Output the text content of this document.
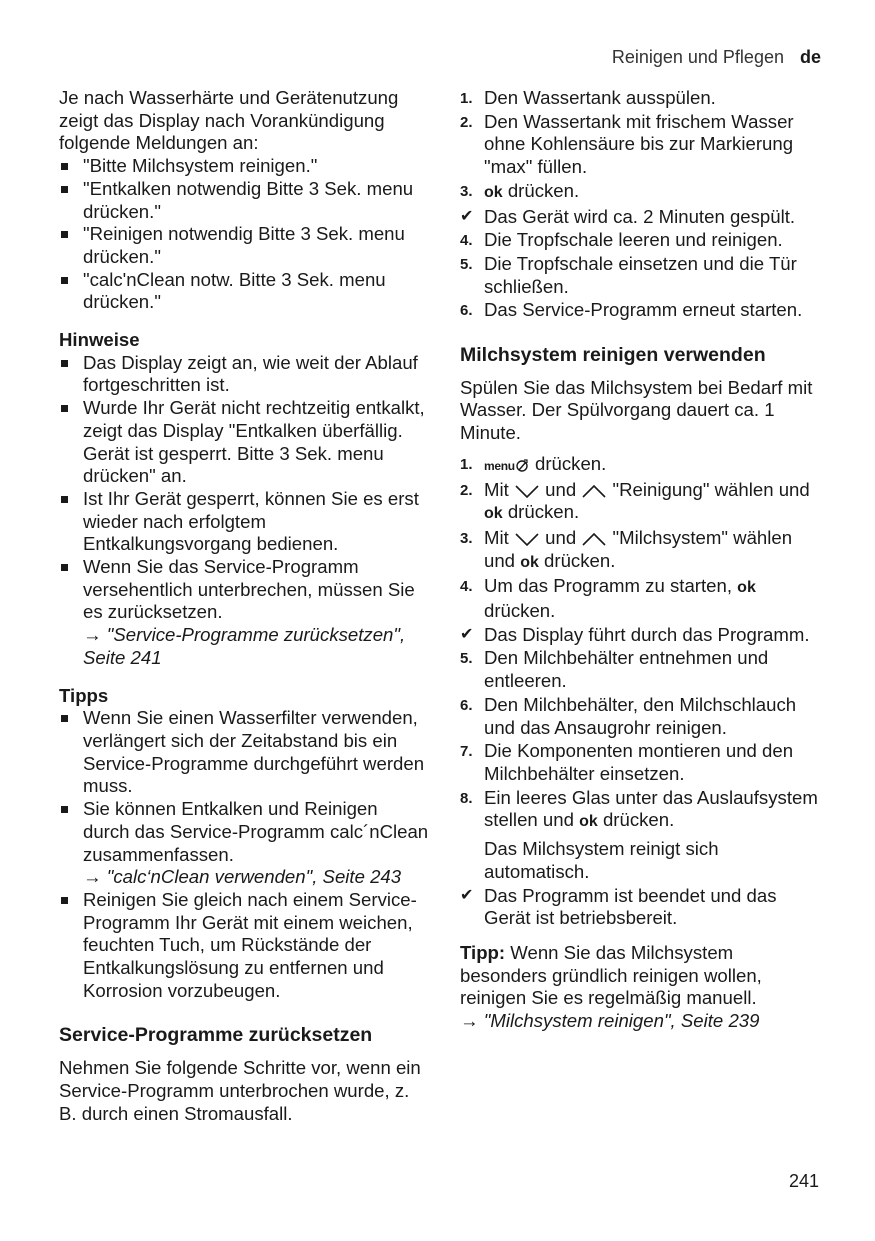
Reinigen und Pflegen de

Je nach Wasserhärte und Gerätenutzung zeigt das Display nach Vorankündigung folgende Meldungen an:

"Bitte Milchsystem reinigen."
"Entkalken notwendig Bitte 3 Sek. menu drücken."
"Reinigen notwendig Bitte 3 Sek. menu drücken."
"calc'nClean notw. Bitte 3 Sek. menu drücken."
Hinweise
Das Display zeigt an, wie weit der Ablauf fortgeschritten ist.
Wurde Ihr Gerät nicht rechtzeitig entkalkt, zeigt das Display "Entkalken überfällig. Gerät ist gesperrt. Bitte 3 Sek. menu drücken" an.
Ist Ihr Gerät gesperrt, können Sie es erst wieder nach erfolgtem Entkalkungsvorgang bedienen.
Wenn Sie das Service-Programm versehentlich unterbrechen, müssen Sie es zurücksetzen.
→ "Service-Programme zurücksetzen", Seite 241
Tipps
Wenn Sie einen Wasserfilter verwenden, verlängert sich der Zeitabstand bis ein Service-Programme durchgeführt werden muss.
Sie können Entkalken und Reinigen durch das Service-Programm calc´nClean zusammenfassen.
→ "calc‘nClean verwenden", Seite 243
Reinigen Sie gleich nach einem Service-Programm Ihr Gerät mit einem weichen, feuchten Tuch, um Rückstände der Entkalkungslösung zu entfernen und Korrosion vorzubeugen.
Service-Programme zurücksetzen

Nehmen Sie folgende Schritte vor, wenn ein Service-Programm unterbrochen wurde, z. B. durch einen Stromausfall.

1. Den Wassertank ausspülen.
2. Den Wassertank mit frischem Wasser ohne Kohlensäure bis zur Markierung "max" füllen.
3. ok drücken.
✔ Das Gerät wird ca. 2 Minuten gespült.
4. Die Tropfschale leeren und reinigen.
5. Die Tropfschale einsetzen und die Tür schließen.
6. Das Service-Programm erneut starten.
Milchsystem reinigen verwenden

Spülen Sie das Milchsystem bei Bedarf mit Wasser. Der Spülvorgang dauert ca. 1 Minute.

1. menu drücken.
2. Mit und "Reinigung" wählen und ok drücken.
3. Mit und "Milchsystem" wählen und ok drücken.
4. Um das Programm zu starten, ok drücken.
✔ Das Display führt durch das Programm.
5. Den Milchbehälter entnehmen und entleeren.
6. Den Milchbehälter, den Milchschlauch und das Ansaugrohr reinigen.
7. Die Komponenten montieren und den Milchbehälter einsetzen.
8. Ein leeres Glas unter das Auslaufsystem stellen und ok drücken.
Das Milchsystem reinigt sich automatisch.
✔ Das Programm ist beendet und das Gerät ist betriebsbereit.

Tipp: Wenn Sie das Milchsystem besonders gründlich reinigen wollen, reinigen Sie es regelmäßig manuell.
→ "Milchsystem reinigen", Seite 239

241
